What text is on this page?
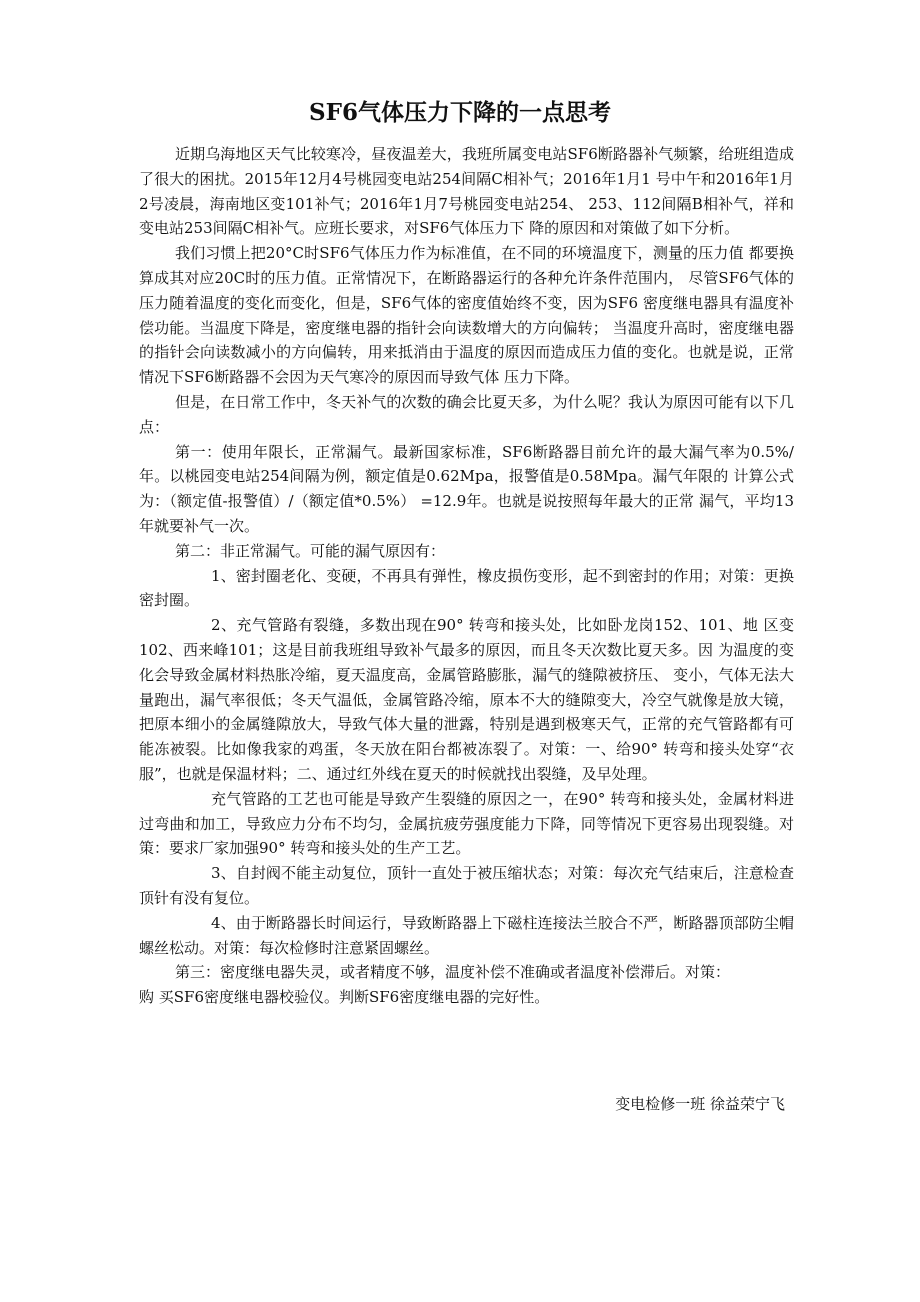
SF6气体压力下降的一点思考

近期乌海地区天气比较寒冷，昼夜温差大，我班所属变电站SF6断路器补气频繁，给班组造成了很大的困扰。2015年12月4号桃园变电站254间隔C相补气；2016年1月1 号中午和2016年1月2号凌晨，海南地区变101补气；2016年1月7号桃园变电站254、 253、112间隔B相补气，祥和变电站253间隔C相补气。应班长要求，对SF6气体压力下 降的原因和对策做了如下分析。

我们习惯上把20°C时SF6气体压力作为标准值，在不同的环境温度下，测量的压力值 都要换算成其对应20C时的压力值。正常情况下，在断路器运行的各种允许条件范围内， 尽管SF6气体的压力随着温度的变化而变化，但是，SF6气体的密度值始终不变，因为SF6 密度继电器具有温度补偿功能。当温度下降是，密度继电器的指针会向读数增大的方向偏转； 当温度升高时，密度继电器的指针会向读数减小的方向偏转，用来抵消由于温度的原因而造成压力值的变化。也就是说，正常情况下SF6断路器不会因为天气寒冷的原因而导致气体 压力下降。

但是，在日常工作中，冬天补气的次数的确会比夏天多，为什么呢？我认为原因可能有以下几点：

第一：使用年限长，正常漏气。最新国家标准，SF6断路器目前允许的最大漏气率为0.5%/年。以桃园变电站254间隔为例，额定值是0.62Mpa，报警值是0.58Mpa。漏气年限的 计算公式为：（额定值-报警值）/（额定值*0.5%） =12.9年。也就是说按照每年最大的正常 漏气，平均13年就要补气一次。

第二：非正常漏气。可能的漏气原因有：

1、密封圈老化、变硬，不再具有弹性，橡皮损伤变形，起不到密封的作用；对策：更换密封圈。

2、充气管路有裂缝，多数出现在90° 转弯和接头处，比如卧龙岗152、101、地 区变102、西来峰101；这是目前我班组导致补气最多的原因，而且冬天次数比夏天多。因 为温度的变化会导致金属材料热胀冷缩，夏天温度高，金属管路膨胀，漏气的缝隙被挤压、 变小，气体无法大量跑出，漏气率很低；冬天气温低，金属管路冷缩，原本不大的缝隙变大，冷空气就像是放大镜，把原本细小的金属缝隙放大，导致气体大量的泄露，特别是遇到极寒天气，正常的充气管路都有可能冻被裂。比如像我家的鸡蛋，冬天放在阳台都被冻裂了。对策：一、给90° 转弯和接头处穿“衣服”，也就是保温材料；二、通过红外线在夏天的时候就找出裂缝，及早处理。

充气管路的工艺也可能是导致产生裂缝的原因之一，在90° 转弯和接头处，金属材料进过弯曲和加工，导致应力分布不均匀，金属抗疲劳强度能力下降，同等情况下更容易出现裂缝。对策：要求厂家加强90° 转弯和接头处的生产工艺。

3、自封阀不能主动复位，顶针一直处于被压缩状态；对策：每次充气结束后，注意检查顶针有没有复位。

4、由于断路器长时间运行，导致断路器上下磁柱连接法兰胶合不严，断路器顶部防尘帽螺丝松动。对策：每次检修时注意紧固螺丝。

第三：密度继电器失灵，或者精度不够，温度补偿不准确或者温度补偿滞后。对策：

购 买SF6密度继电器校验仪。判断SF6密度继电器的完好性。

变电检修一班 徐益荣宁飞
